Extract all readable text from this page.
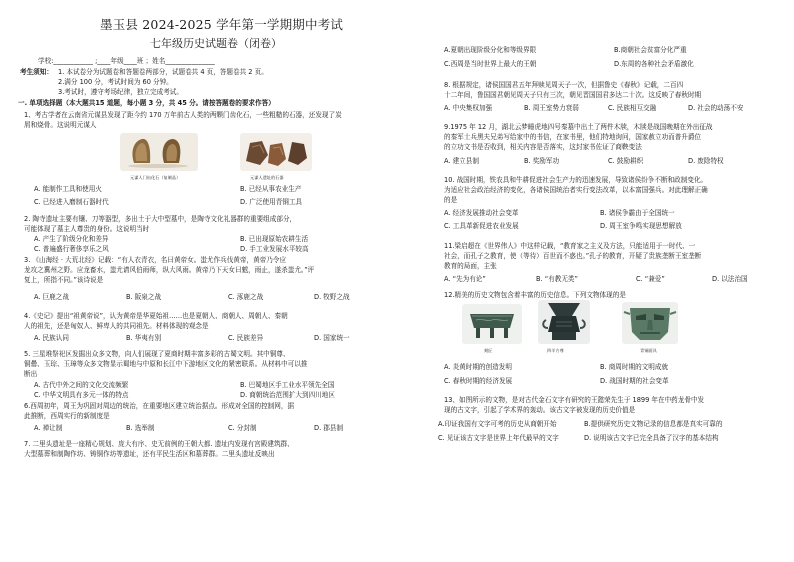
墨玉县 2024-2025 学年第一学期期中考试
七年级历史试题卷（闭卷）
学校:____________ ;____年级____班 ；姓名_______________
考生须知： 1. 本试卷分为试题卷和答题卷两部分，试题卷共 4 页，答题卷共 2 页。
2.满分 100 分，考试时间为 60 分钟。
3.考试时，遵守考场纪律，独立完成考试。
一. 单项选择题（本大题共15 道题，每小题 3 分，共 45 分。请按答题卷的要求作答）
1、考古学者在云南省元谋县发现了距今约 170 万年前古人类的两颗门齿化石，一些粗糙的石器，还发现了炭
屑和烧骨。这说明元谋人
元谋人门齿化石（复制品）	元谋人遗址的石器
A. 能制作工具和使用火	B. 已经从事农业生产
C. 已经进入磨制石器时代	D. 广泛使用青铜工具
2. 陶寺遗址主要有镶、刀等器型，多出土于大中型墓中，是陶寺文化礼器群的重要组成部分，
可能体现了墓主人尊贵的身份。这说明当时
A. 产生了阶级分化和差异	B. 已出现原始农耕生活
C. 普遍盛行奢侈享乐之风	D. 手工业发展水平较高
3. 《山海经 · 大荒北经》记载：“有人衣青衣，名曰黄帝女。蚩尤作兵伐黄帝，黄帝乃令应
龙攻之冀州之野。应龙畜水，蚩尤请风伯雨师，纵大风雨。黄帝乃下天女曰魃，雨止，遂杀蚩尤。”评
复上，所指不同。”该诗说是
A. 巨鹿之战	B. 阪泉之战	C. 涿鹿之战	D. 牧野之战
4.《史记》提出“祖黄帝说”，认为黄帝是华夏始祖……也是夏朝人、商朝人、周朝人、秦朝
人的祖先，还是匈奴人、鲜卑人的共同祖先。材料体现的观念是
A. 民族认同	B. 华夷有别	C. 民族差异	D. 国家统一
5. 三星堆祭祀区发掘出众多文物，向人们展现了夏商时期丰富多彩的古蜀文明。其中铜尊、
铜罍、玉琮、玉璋等众多文物显示蜀地与中原和长江中下游地区文化的紧密联系。从材料中可以推
断出
A. 古代中外之间的文化交流频繁	B. 巴蜀地区手工业水平领先全国
C. 中华文明具有多元一体的特点	D. 商朝统治范围扩大到四川地区
6.西周初年，周王为巩固对周边的统治，在重要地区建立统治据点。形成对全国的控制网，据
此推断，西周实行的新制度是
A. 禅让制	B. 选举制	C. 分封制	D. 郡县制
7. 二里头遗址是一座精心规划、庞大有序、史无前例的王朝大都. 遗址内发现有宫殿建筑群、
大型墓葬和制陶作坊、铸铜作坊等遗址，还有平民生活区和墓葬群。二里头遗址反映出
A.夏朝出现阶级分化和等级界限	B.商朝社会贫富分化严重
C.西周是当时世界上最大的王朝	D.东周的各种社会矛盾激化
8. 根据规定，诸侯国国君五年拜赎见周天子一次，但据鲁史《春秋》记载，二百四
十二年间，鲁国国君朝见周天子只有三次，朝见晋国国君多达二十次。这反映了春秋时期
A. 中央集权加强	B. 周王室势力衰弱	C. 民族相互交融	D. 社会的动荡不安
9.1975 年 12 月，湖北云梦睡虎地四号秦墓中出土了两件木牍，木牍是战国晚期在外出征战
的秦军士兵黑夫兄弟写给家中的书信，在家书里，他们特地询问，国家赦立功而普升爵位
的立功文书是否收到，相关内容是否落实，这封家书佐证了商鞅变法
A. 建立县制	B. 奖励军功	C. 鼓励耕织	D. 废除特权
10. 战国时期，铁农具和牛耕促进社会生产力的迅速发展，导致诸侯纷争不断和政制变化。
为适应社会政治经济的变化，各诸侯国统治者实行变法改革，以本富国强兵。对此理解正确
的是
A. 经济发展推动社会变革	B. 诸侯争霸由于全国统一
C. 工具革新促进农业发展	D. 周王室争鸣实现思想解放
11.梁启超在《世界伟人》中这样记载，“教育家之主义及方法，只能适用于一时代、一
社会，而孔子之教育，使（等待）百世而不惑也。”孔子的教育，开疑了贵族垄断王室垄断
教育的局面，主张
A. “先为有论”	B. “有教无类”	C. “兼爱”	D. 以法治国
12.精美的历史文物包含着丰富的历史信息。下列文物体现的是
刻匠	四羊方尊	青铜面具
A. 炎黄时期的创造发明	B. 商周时期的文明成就
C. 春秋时期的经济发展	D. 战国时期的社会变革
13、如图所示的文物，是对古代金石文字有研究的王懿荣先生于 1899 年在中药龙骨中发
现的古文字，引起了学术界的轰动。该古文字被发现的历史价值是
A.印证我国有文字可考的历史从商朝开始	B.提供研究历史文物记录的信息都是真实可靠的
C. 见证该古文字是世界上年代最早的文字	D. 说明该古文字已完全具备了汉字的基本结构
